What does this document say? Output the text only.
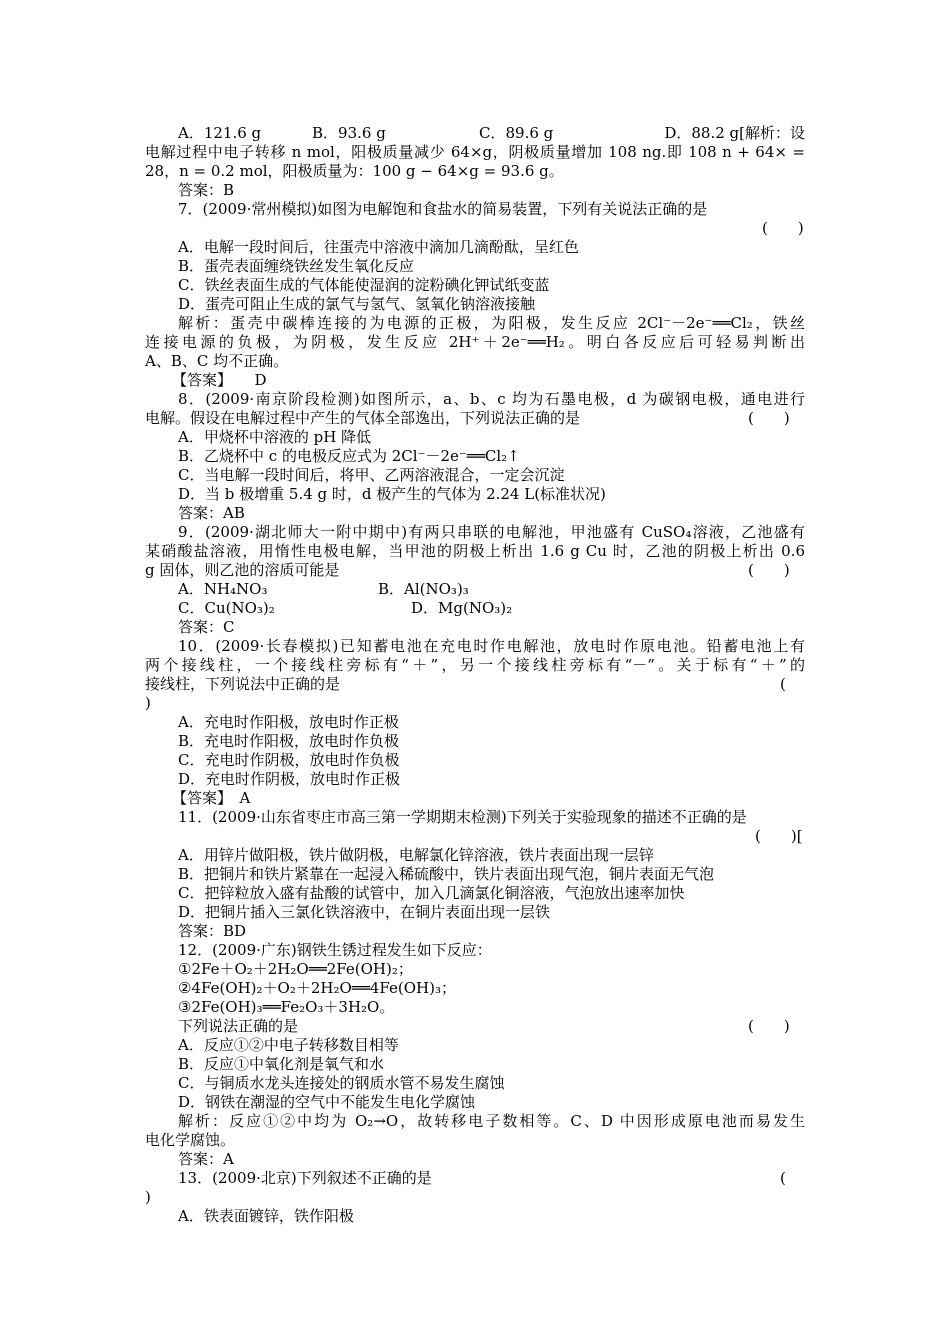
A．121.6 g	B．93.6 g	C．89.6 g	D．88.2 g[解析：设
电解过程中电子转移 n mol，阳极质量减少 64×g，阴极质量增加 108 ng.即 108 n + 64× =
28，n = 0.2 mol，阳极质量为：100 g − 64×g = 93.6 g。
答案：B
7．(2009·常州模拟)如图为电解饱和食盐水的简易装置，下列有关说法正确的是
(　　)
A．电解一段时间后，往蛋壳中溶液中滴加几滴酚酞，呈红色
B．蛋壳表面缠绕铁丝发生氧化反应
C．铁丝表面生成的气体能使湿润的淀粉碘化钾试纸变蓝
D．蛋壳可阻止生成的氯气与氢气、氢氧化钠溶液接触
解析：蛋壳中碳棒连接的为电源的正极，为阳极，发生反应 2Cl⁻－2e⁻══Cl₂，铁丝
连接电源的负极，为阴极，发生反应 2H⁺＋2e⁻══H₂。明白各反应后可轻易判断出
A、B、C 均不正确。
【答案】　　D
8．(2009·南京阶段检测)如图所示，a、b、c 均为石墨电极，d 为碳钢电极，通电进行
电解。假设在电解过程中产生的气体全部逸出，下列说法正确的是	(　　)
A．甲烧杯中溶液的 pH 降低
B．乙烧杯中 c 的电极反应式为 2Cl⁻－2e⁻══Cl₂↑
C．当电解一段时间后，将甲、乙两溶液混合，一定会沉淀
D．当 b 极增重 5.4 g 时，d 极产生的气体为 2.24 L(标准状况)
答案：AB
9．(2009·湖北师大一附中期中)有两只串联的电解池，甲池盛有 CuSO₄溶液，乙池盛有
某硝酸盐溶液，用惰性电极电解，当甲池的阴极上析出 1.6 g Cu 时，乙池的阴极上析出 0.6
g 固体，则乙池的溶质可能是	(　　)
A．NH₄NO₃	B．Al(NO₃)₃
C．Cu(NO₃)₂	D．Mg(NO₃)₂
答案：C
10．(2009·长春模拟)已知蓄电池在充电时作电解池，放电时作原电池。铅蓄电池上有
两个接线柱，一个接线柱旁标有“＋”，另一个接线柱旁标有“－”。关于标有“＋”的
接线柱，下列说法中正确的是	(
)
A．充电时作阳极，放电时作正极
B．充电时作阳极，放电时作负极
C．充电时作阴极，放电时作负极
D．充电时作阴极，放电时作正极
【答案】　A
11．(2009·山东省枣庄市高三第一学期期末检测)下列关于实验现象的描述不正确的是
(　　)[
A．用锌片做阳极，铁片做阴极，电解氯化锌溶液，铁片表面出现一层锌
B．把铜片和铁片紧靠在一起浸入稀硫酸中，铁片表面出现气泡，铜片表面无气泡
C．把锌粒放入盛有盐酸的试管中，加入几滴氯化铜溶液，气泡放出速率加快
D．把铜片插入三氯化铁溶液中，在铜片表面出现一层铁
答案：BD
12．(2009·广东)钢铁生锈过程发生如下反应：
①2Fe＋O₂＋2H₂O══2Fe(OH)₂；
②4Fe(OH)₂＋O₂＋2H₂O══4Fe(OH)₃；
③2Fe(OH)₃══Fe₂O₃＋3H₂O。
下列说法正确的是	(　　)
A．反应①②中电子转移数目相等
B．反应①中氧化剂是氧气和水
C．与铜质水龙头连接处的钢质水管不易发生腐蚀
D．钢铁在潮湿的空气中不能发生电化学腐蚀
解析：反应①②中均为 O₂→O，故转移电子数相等。C、D 中因形成原电池而易发生
电化学腐蚀。
答案：A
13．(2009·北京)下列叙述不正确的是	(
)
A．铁表面镀锌，铁作阳极
